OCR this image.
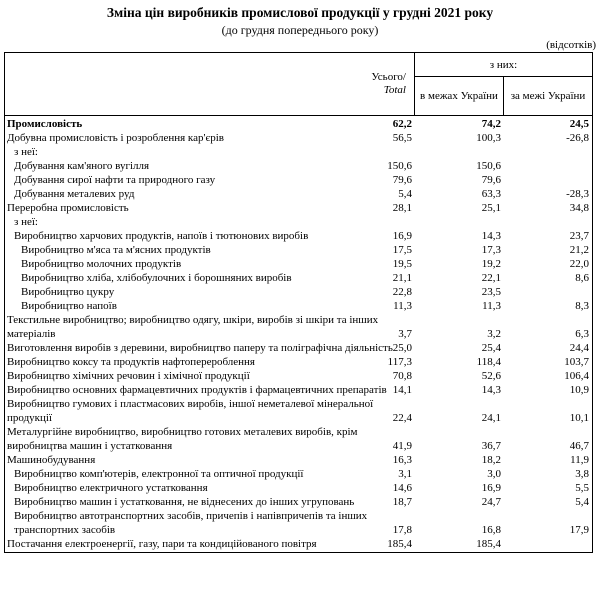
Зміна цін виробників промислової продукції у грудні 2021 року
(до грудня попереднього року)
(відсотків)
Усього/
Total
з них:
в межах України	за межі України
Промисловість	62,2	74,2	24,5
Добувна промисловість і розроблення кар'єрів	56,5	100,3	-26,8
з неї:
Добування кам'яного вугілля	150,6	150,6
Добування сирої нафти та природного газу	79,6	79,6
Добування металевих руд	5,4	63,3	-28,3
Переробна промисловість	28,1	25,1	34,8
з неї:
Виробництво харчових продуктів, напоїв і тютюнових виробів	16,9	14,3	23,7
Виробництво м'яса та м'ясних продуктів	17,5	17,3	21,2
Виробництво молочних продуктів	19,5	19,2	22,0
Виробництво хліба, хлібобулочних і борошняних виробів	21,1	22,1	8,6
Виробництво цукру	22,8	23,5
Виробництво напоїв	11,3	11,3	8,3
Текстильне виробництво; виробництво одягу, шкіри, виробів зі шкіри та інших матеріалів	3,7	3,2	6,3
Виготовлення виробів з деревини, виробництво паперу та поліграфічна діяльність 25,0	25,4	24,4
Виробництво коксу та продуктів нафтоперероблення	117,3	118,4	103,7
Виробництво хімічних речовин і хімічної продукції	70,8	52,6	106,4
Виробництво основних фармацевтичних продуктів і фармацевтичних препаратів 14,1	14,3	10,9
Виробництво гумових і пластмасових виробів, іншої неметалевої мінеральної продукції	22,4	24,1	10,1
Металургійне виробництво, виробництво готових металевих виробів, крім виробництва машин і устатковання	41,9	36,7	46,7
Машинобудування	16,3	18,2	11,9
Виробництво комп'ютерів, електронної та оптичної продукції	3,1	3,0	3,8
Виробництво електричного устатковання	14,6	16,9	5,5
Виробництво машин і устатковання, не віднесених до інших угруповань	18,7	24,7	5,4
Виробництво автотранспортних засобів, причепів і напівпричепів та інших транспортних засобів	17,8	16,8	17,9
Постачання електроенергії, газу, пари та кондиційованого повітря	185,4	185,4
